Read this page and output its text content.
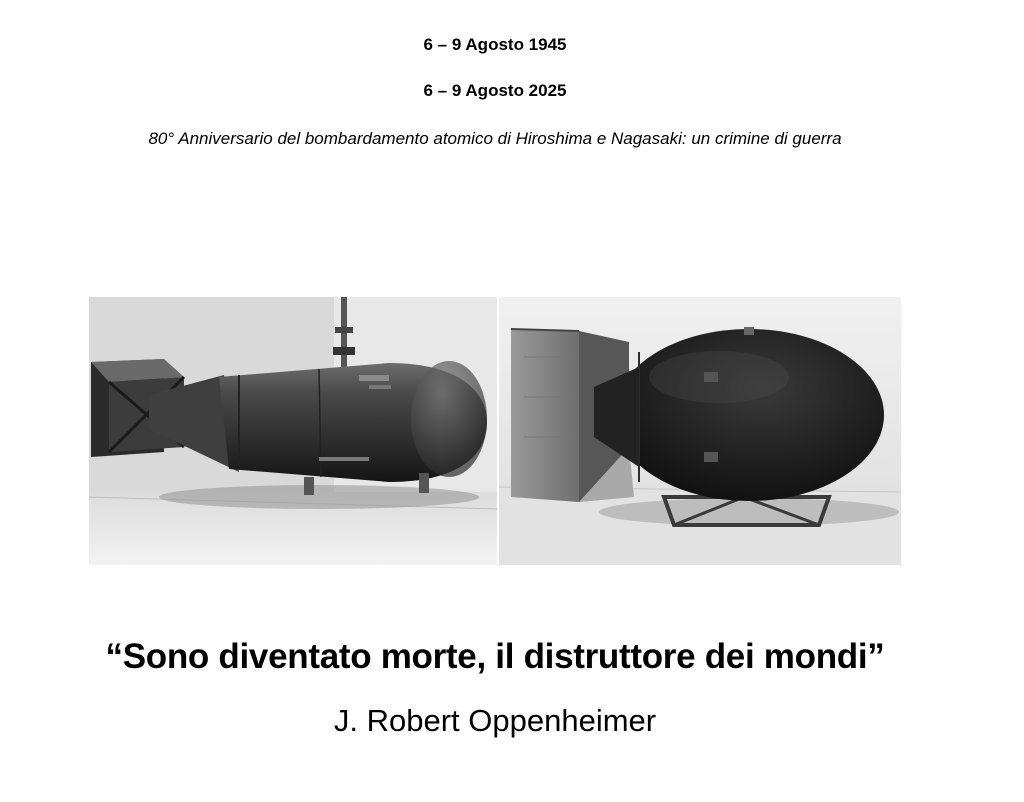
6 – 9 Agosto 1945
6 – 9 Agosto 2025
80° Anniversario del bombardamento atomico di Hiroshima e Nagasaki: un crimine di guerra
“Sono diventato morte, il distruttore dei mondi”
J. Robert Oppenheimer
